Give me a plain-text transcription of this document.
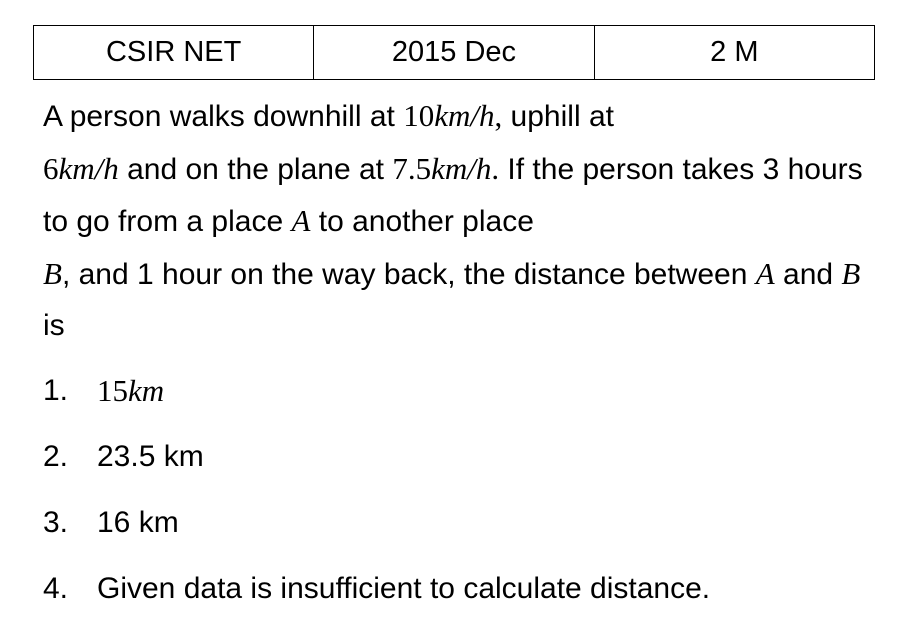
CSIR NET	2015 Dec	2 M

A person walks downhill at 10km/h, uphill at
6km/h and on the plane at 7.5km/h. If the person takes 3 hours to go from a place A to another place
B, and 1 hour on the way back, the distance between A and B is

1. 15km
2. 23.5 km
3. 16 km
4. Given data is insufficient to calculate distance.
